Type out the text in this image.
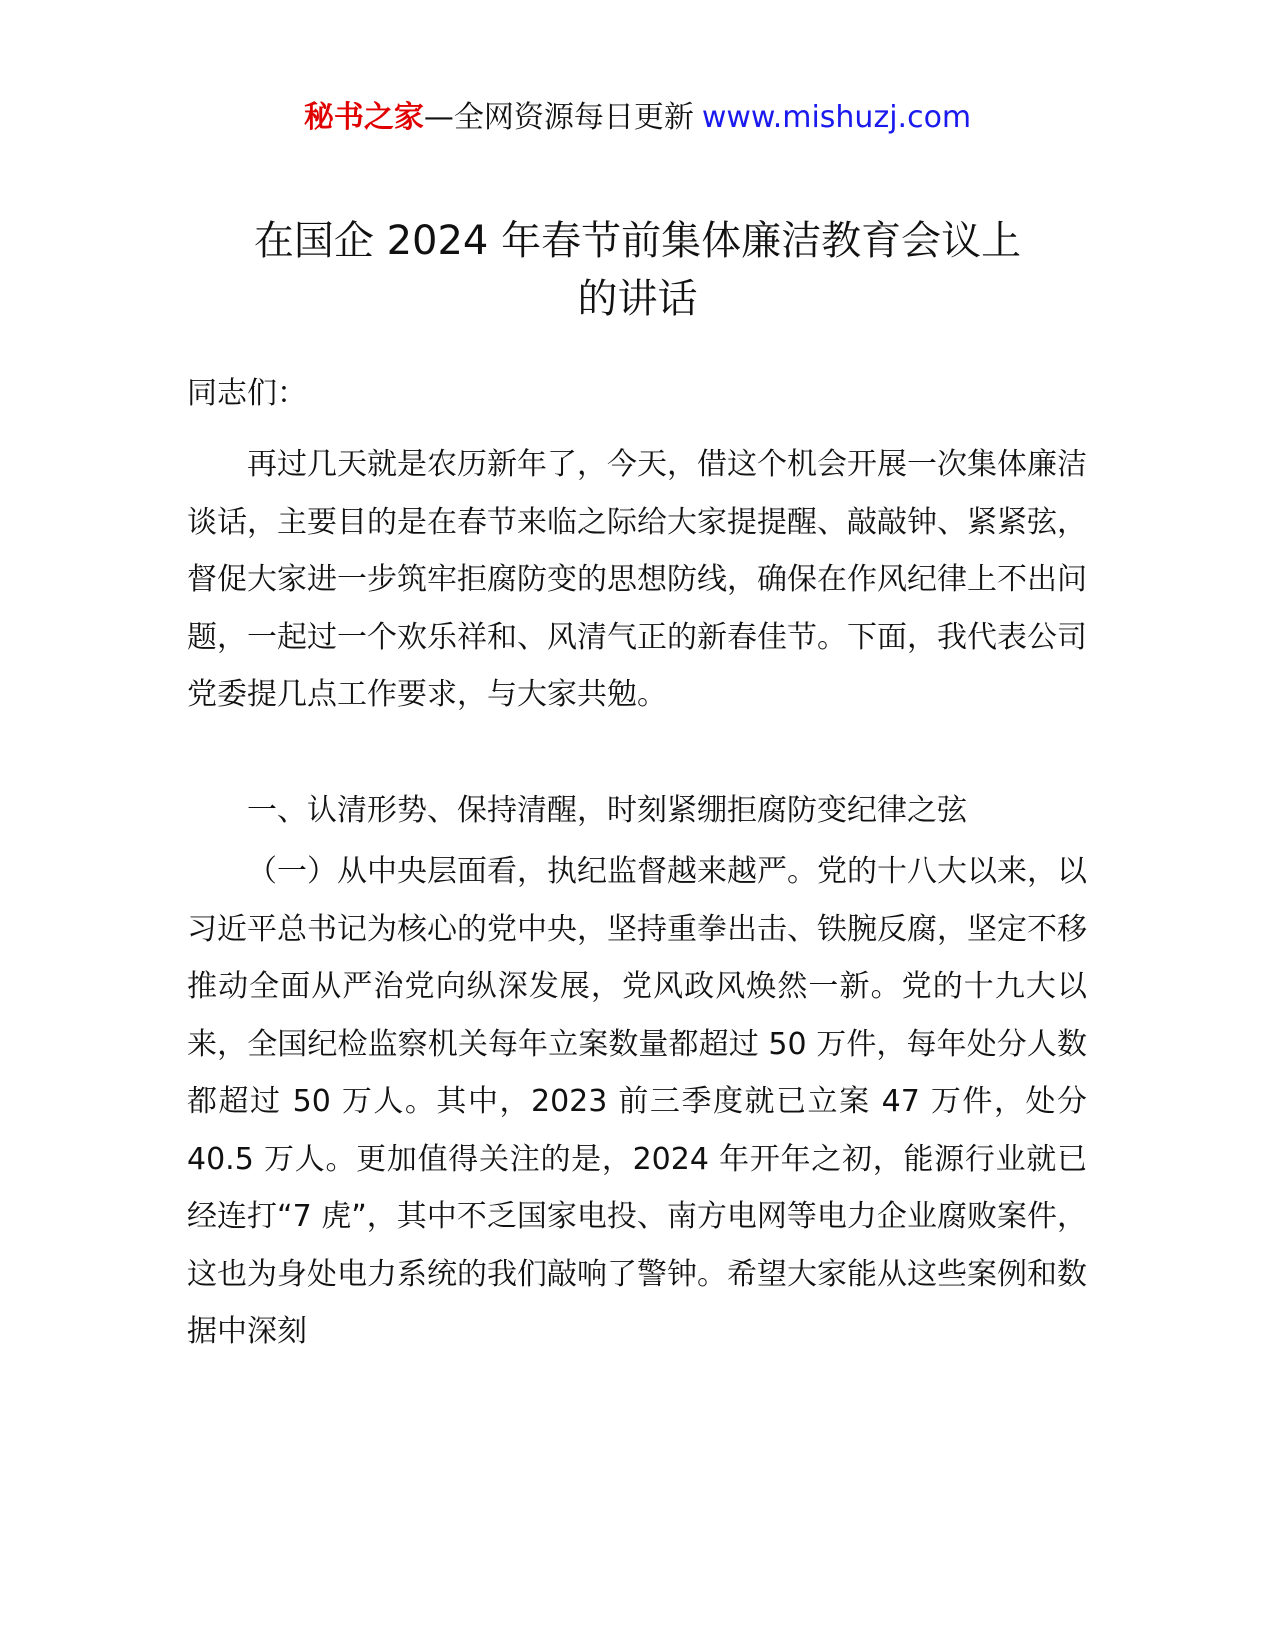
秘书之家—全网资源每日更新 www.mishuzj.com
在国企 2024 年春节前集体廉洁教育会议上
的讲话
同志们：

再过几天就是农历新年了，今天，借这个机会开展一次集体廉洁谈话，主要目的是在春节来临之际给大家提提醒、敲敲钟、紧紧弦，督促大家进一步筑牢拒腐防变的思想防线，确保在作风纪律上不出问题，一起过一个欢乐祥和、风清气正的新春佳节。下面，我代表公司党委提几点工作要求，与大家共勉。

一、认清形势、保持清醒，时刻紧绷拒腐防变纪律之弦

（一）从中央层面看，执纪监督越来越严。党的十八大以来，以习近平总书记为核心的党中央，坚持重拳出击、铁腕反腐，坚定不移推动全面从严治党向纵深发展，党风政风焕然一新。党的十九大以来，全国纪检监察机关每年立案数量都超过 50 万件，每年处分人数都超过 50 万人。其中，2023 前三季度就已立案 47 万件，处分 40.5 万人。更加值得关注的是，2024 年开年之初，能源行业就已经连打“7 虎”，其中不乏国家电投、南方电网等电力企业腐败案件，这也为身处电力系统的我们敲响了警钟。希望大家能从这些案例和数据中深刻
